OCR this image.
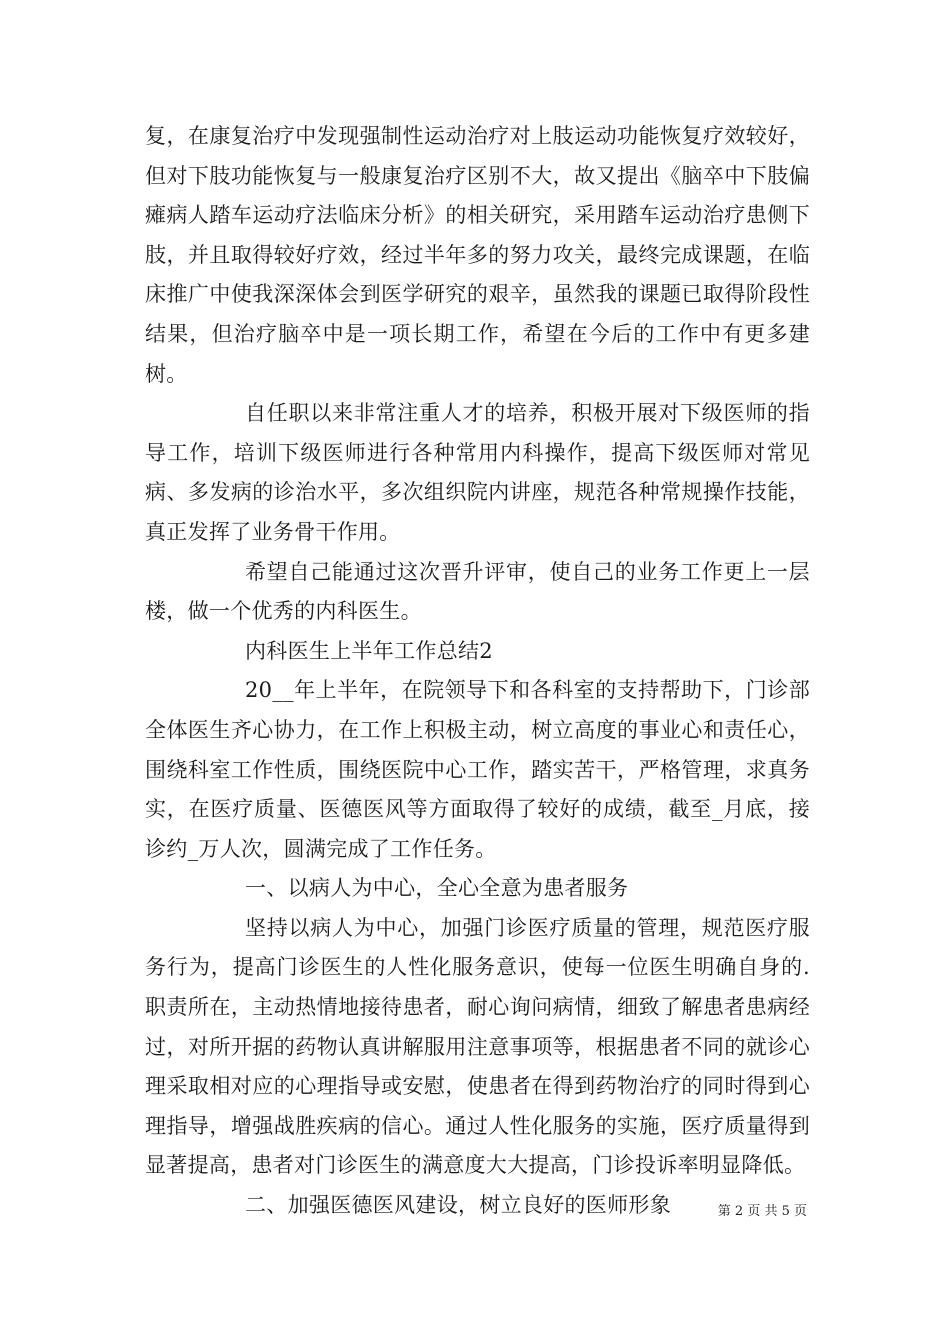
复，在康复治疗中发现强制性运动治疗对上肢运动功能恢复疗效较好，但对下肢功能恢复与一般康复治疗区别不大，故又提出《脑卒中下肢偏瘫病人踏车运动疗法临床分析》的相关研究，采用踏车运动治疗患侧下肢，并且取得较好疗效，经过半年多的努力攻关，最终完成课题，在临床推广中使我深深体会到医学研究的艰辛，虽然我的课题已取得阶段性结果，但治疗脑卒中是一项长期工作，希望在今后的工作中有更多建树。

自任职以来非常注重人才的培养，积极开展对下级医师的指导工作，培训下级医师进行各种常用内科操作，提高下级医师对常见病、多发病的诊治水平，多次组织院内讲座，规范各种常规操作技能，真正发挥了业务骨干作用。

希望自己能通过这次晋升评审，使自己的业务工作更上一层楼，做一个优秀的内科医生。

内科医生上半年工作总结2

20__年上半年，在院领导下和各科室的支持帮助下，门诊部全体医生齐心协力，在工作上积极主动，树立高度的事业心和责任心，围绕科室工作性质，围绕医院中心工作，踏实苦干，严格管理，求真务实，在医疗质量、医德医风等方面取得了较好的成绩，截至_月底，接诊约_万人次，圆满完成了工作任务。

一、以病人为中心，全心全意为患者服务

坚持以病人为中心，加强门诊医疗质量的管理，规范医疗服务行为，提高门诊医生的人性化服务意识，使每一位医生明确自身的.职责所在，主动热情地接待患者，耐心询问病情，细致了解患者患病经过，对所开据的药物认真讲解服用注意事项等，根据患者不同的就诊心理采取相对应的心理指导或安慰，使患者在得到药物治疗的同时得到心理指导，增强战胜疾病的信心。通过人性化服务的实施，医疗质量得到显著提高，患者对门诊医生的满意度大大提高，门诊投诉率明显降低。

二、加强医德医风建设，树立良好的医师形象	第 2 页 共 5 页
